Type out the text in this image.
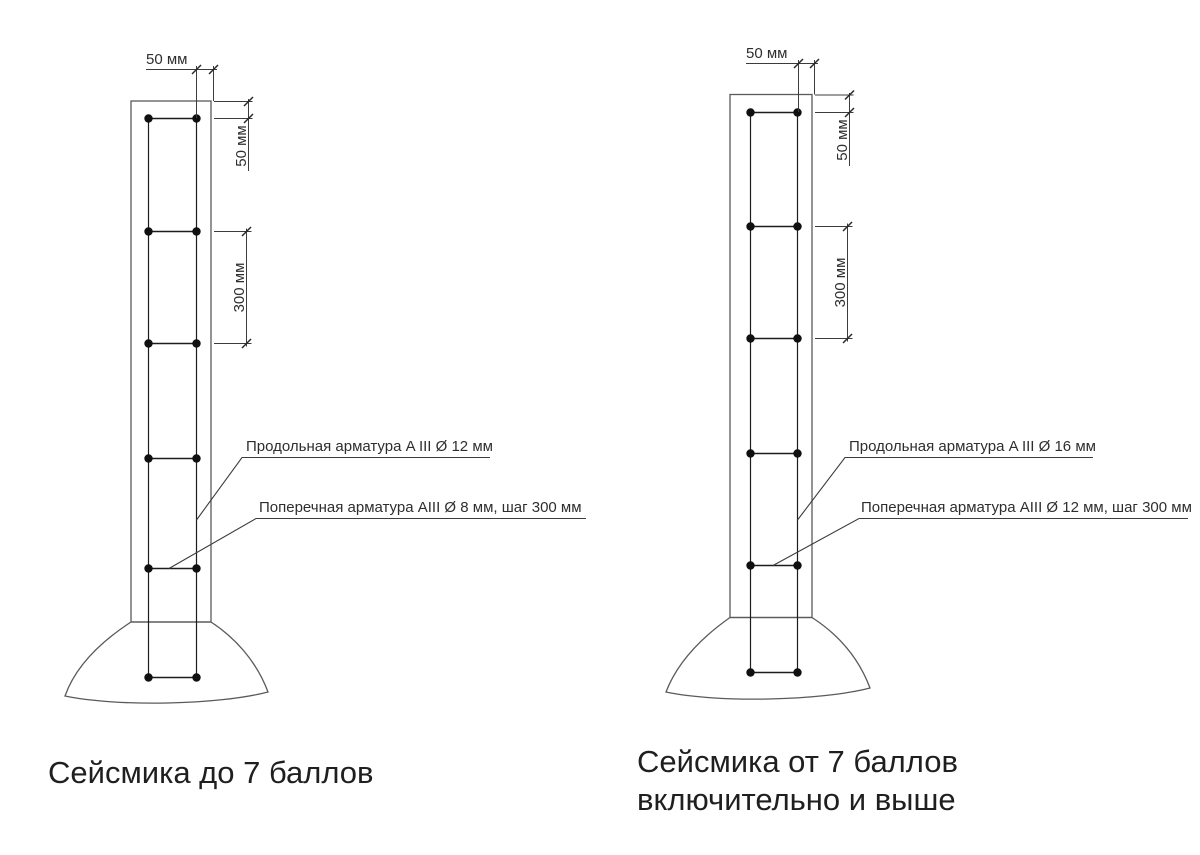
50 мм
50 мм
300 мм
Продольная арматура A III Ø 12 мм
Поперечная арматура AIII Ø 8 мм, шаг 300 мм
Сейсмика до 7 баллов
50 мм
50 мм
300 мм
Продольная арматура A III Ø 16 мм
Поперечная арматура AIII Ø 12 мм, шаг 300 мм
Сейсмика от 7 баллов
включительно и выше
